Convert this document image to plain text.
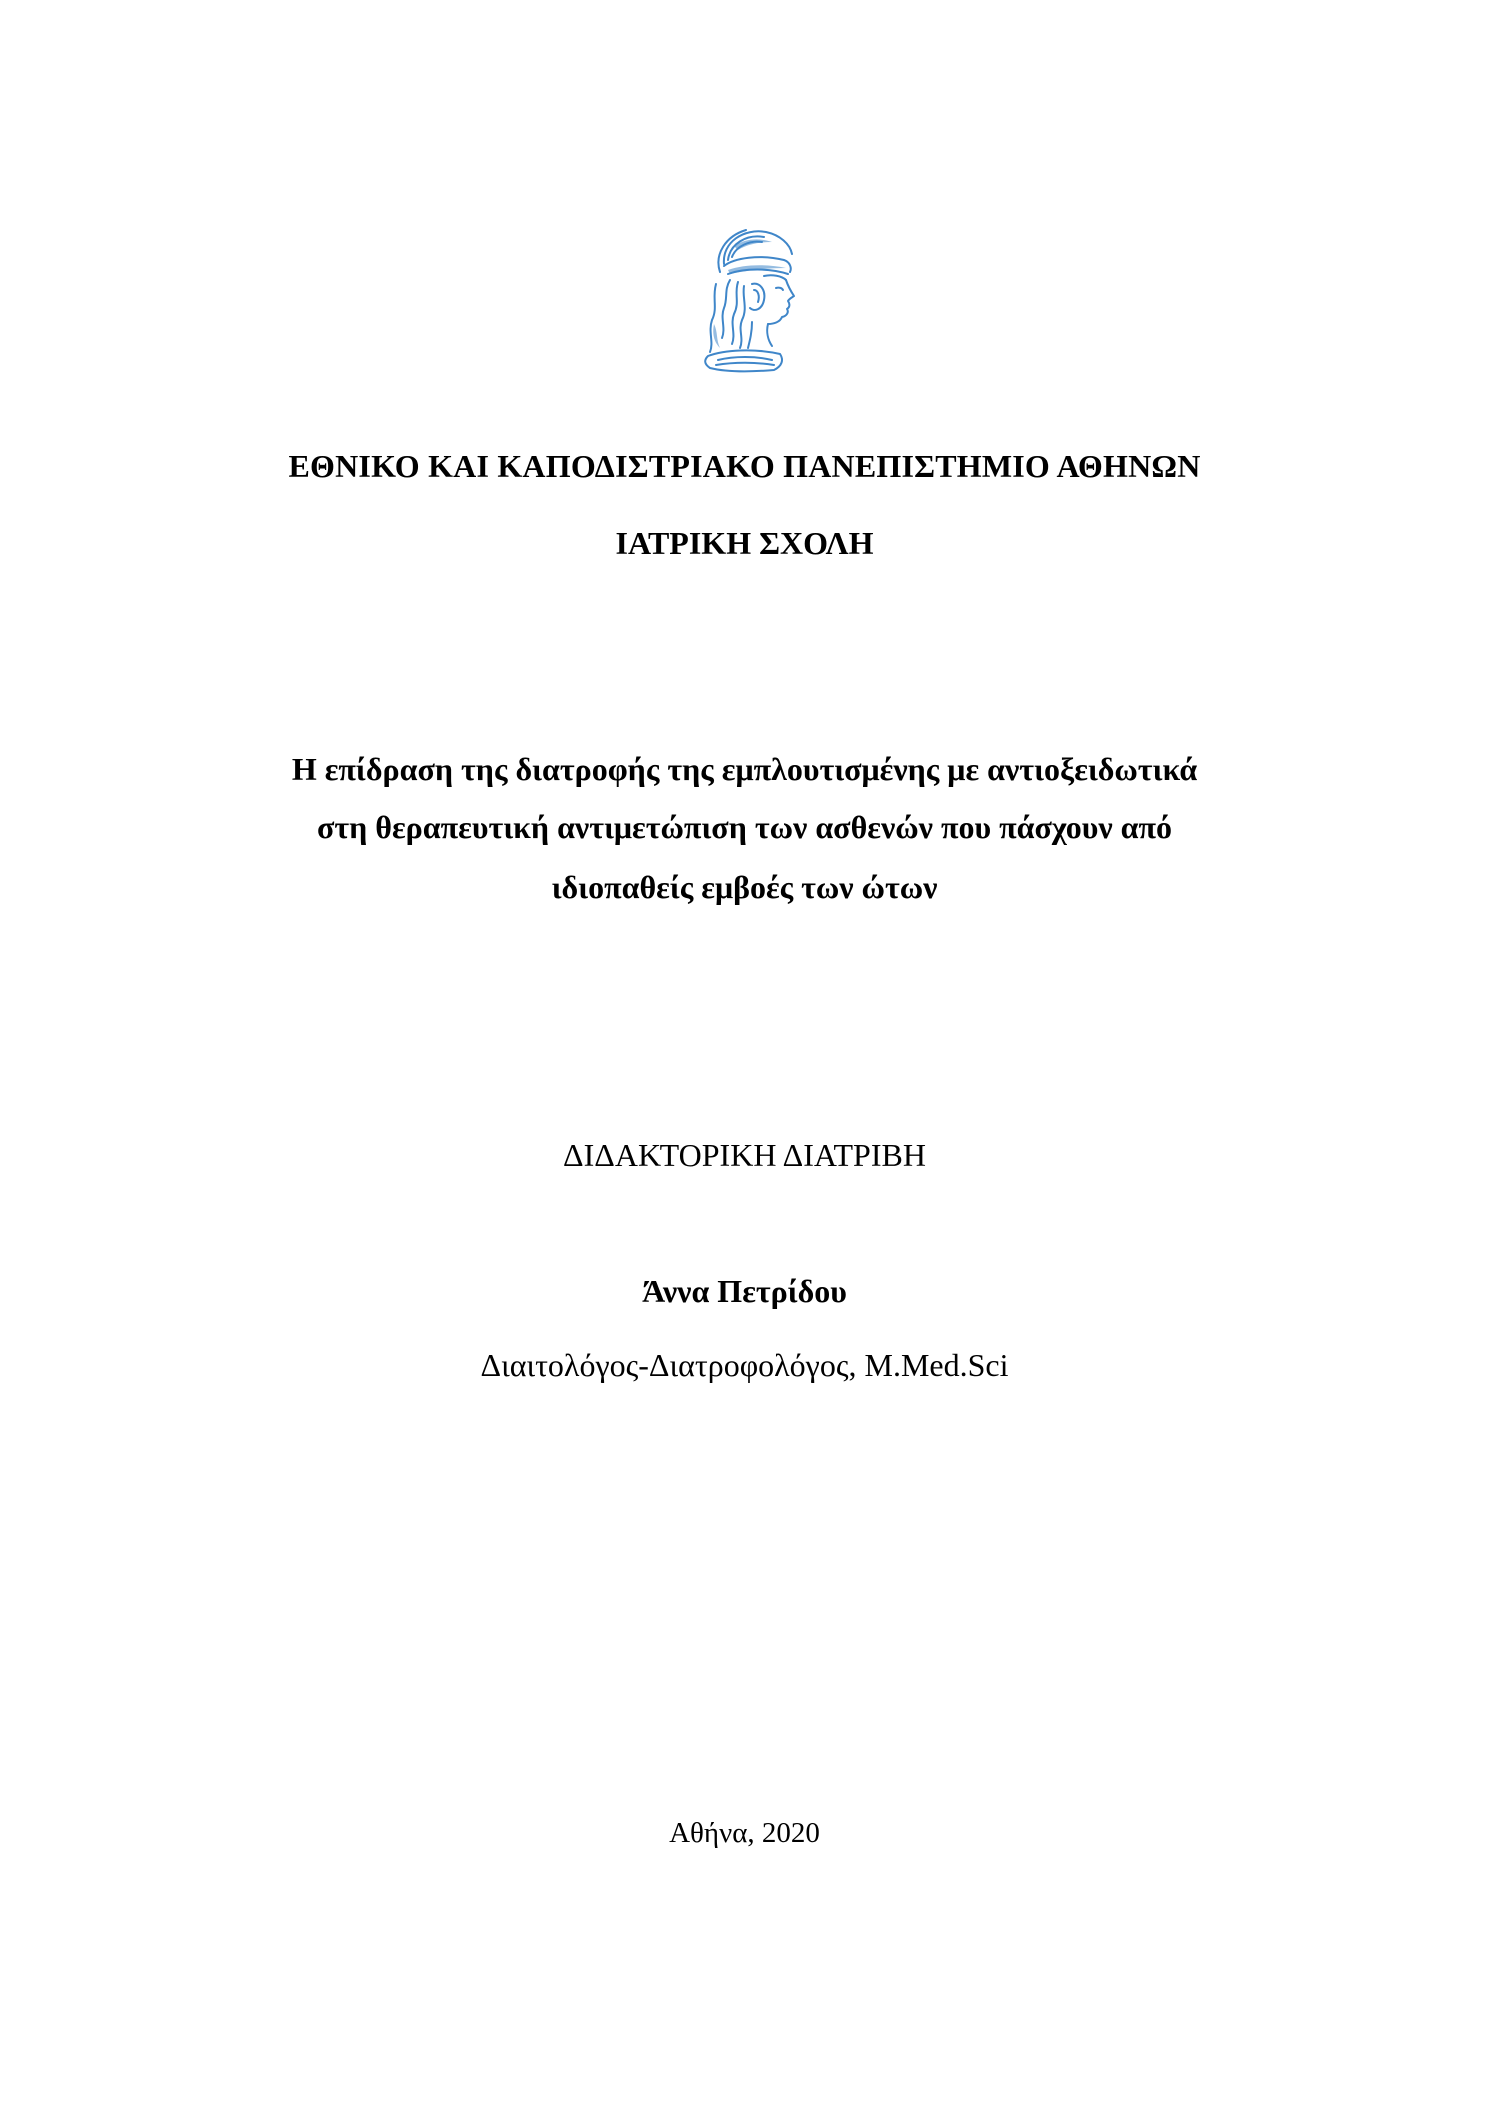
ΕΘΝΙΚΟ ΚΑΙ ΚΑΠΟΔΙΣΤΡΙΑΚΟ ΠΑΝΕΠΙΣΤΗΜΙΟ ΑΘΗΝΩΝ
ΙΑΤΡΙΚΗ ΣΧΟΛΗ
Η επίδραση της διατροφής της εμπλουτισμένης με αντιοξειδωτικά
στη θεραπευτική αντιμετώπιση των ασθενών που πάσχουν από
ιδιοπαθείς εμβοές των ώτων
ΔΙΔΑΚΤΟΡΙΚΗ ΔΙΑΤΡΙΒΗ
Άννα Πετρίδου
Διαιτολόγος-Διατροφολόγος, M.Med.Sci
Αθήνα, 2020
